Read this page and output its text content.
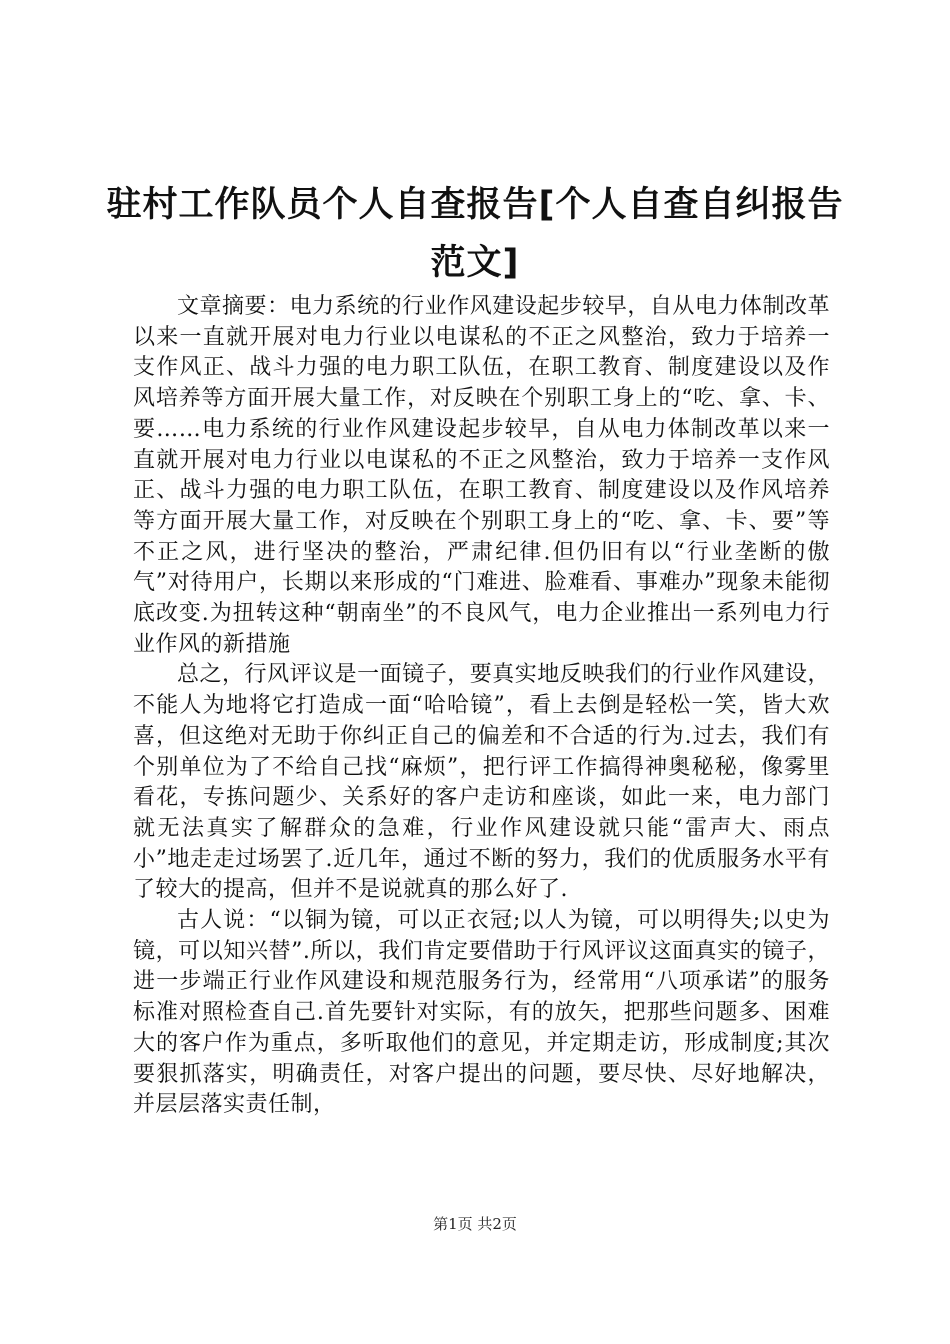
驻村工作队员个人自查报告[个人自查自纠报告范文]

文章摘要：电力系统的行业作风建设起步较早，自从电力体制改革以来一直就开展对电力行业以电谋私的不正之风整治，致力于培养一支作风正、战斗力强的电力职工队伍，在职工教育、制度建设以及作风培养等方面开展大量工作，对反映在个别职工身上的“吃、拿、卡、要……电力系统的行业作风建设起步较早，自从电力体制改革以来一直就开展对电力行业以电谋私的不正之风整治，致力于培养一支作风正、战斗力强的电力职工队伍，在职工教育、制度建设以及作风培养等方面开展大量工作，对反映在个别职工身上的“吃、拿、卡、要”等不正之风，进行坚决的整治，严肃纪律.但仍旧有以“行业垄断的傲气”对待用户，长期以来形成的“门难进、脸难看、事难办”现象未能彻底改变.为扭转这种“朝南坐”的不良风气，电力企业推出一系列电力行业作风的新措施

总之，行风评议是一面镜子，要真实地反映我们的行业作风建设，不能人为地将它打造成一面“哈哈镜”，看上去倒是轻松一笑，皆大欢喜，但这绝对无助于你纠正自己的偏差和不合适的行为.过去，我们有个别单位为了不给自己找“麻烦”，把行评工作搞得神奥秘秘，像雾里看花，专拣问题少、关系好的客户走访和座谈，如此一来，电力部门就无法真实了解群众的急难，行业作风建设就只能“雷声大、雨点小”地走走过场罢了.近几年，通过不断的努力，我们的优质服务水平有了较大的提高，但并不是说就真的那么好了.

古人说：“以铜为镜，可以正衣冠;以人为镜，可以明得失;以史为镜，可以知兴替”.所以，我们肯定要借助于行风评议这面真实的镜子，进一步端正行业作风建设和规范服务行为，经常用“八项承诺”的服务标准对照检查自己.首先要针对实际，有的放矢，把那些问题多、困难大的客户作为重点，多听取他们的意见，并定期走访，形成制度;其次要狠抓落实，明确责任，对客户提出的问题，要尽快、尽好地解决，并层层落实责任制，

第1页 共2页
